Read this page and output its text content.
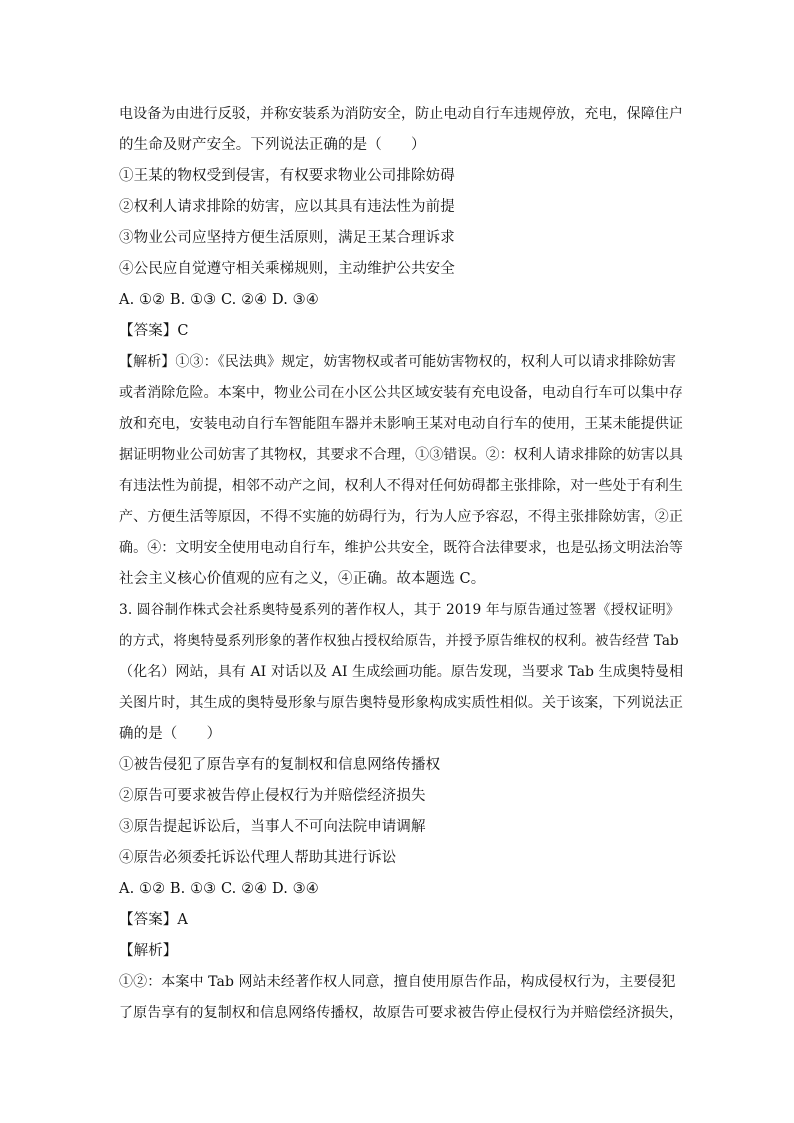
电设备为由进行反驳，并称安装系为消防安全，防止电动自行车违规停放，充电，保障住户
的生命及财产安全。下列说法正确的是（　　）
①王某的物权受到侵害，有权要求物业公司排除妨碍
②权利人请求排除的妨害，应以其具有违法性为前提
③物业公司应坚持方便生活原则，满足王某合理诉求
④公民应自觉遵守相关乘梯规则，主动维护公共安全
A. ①② B. ①③ C. ②④ D. ③④
【答案】C
【解析】①③：《民法典》规定，妨害物权或者可能妨害物权的，权利人可以请求排除妨害
或者消除危险。本案中，物业公司在小区公共区域安装有充电设备，电动自行车可以集中存
放和充电，安装电动自行车智能阻车器并未影响王某对电动自行车的使用，王某未能提供证
据证明物业公司妨害了其物权，其要求不合理，①③错误。②：权利人请求排除的妨害以具
有违法性为前提，相邻不动产之间，权利人不得对任何妨碍都主张排除，对一些处于有利生
产、方便生活等原因，不得不实施的妨碍行为，行为人应予容忍，不得主张排除妨害，②正
确。④：文明安全使用电动自行车，维护公共安全，既符合法律要求，也是弘扬文明法治等
社会主义核心价值观的应有之义，④正确。故本题选 C。
3. 圆谷制作株式会社系奥特曼系列的著作权人，其于 2019 年与原告通过签署《授权证明》
的方式，将奥特曼系列形象的著作权独占授权给原告，并授予原告维权的权利。被告经营 Tab
（化名）网站，具有 AI 对话以及 AI 生成绘画功能。原告发现，当要求 Tab 生成奥特曼相
关图片时，其生成的奥特曼形象与原告奥特曼形象构成实质性相似。关于该案，下列说法正
确的是（　　）
①被告侵犯了原告享有的复制权和信息网络传播权
②原告可要求被告停止侵权行为并赔偿经济损失
③原告提起诉讼后，当事人不可向法院申请调解
④原告必须委托诉讼代理人帮助其进行诉讼
A. ①② B. ①③ C. ②④ D. ③④
【答案】A
【解析】
①②：本案中 Tab 网站未经著作权人同意，擅自使用原告作品，构成侵权行为，主要侵犯
了原告享有的复制权和信息网络传播权，故原告可要求被告停止侵权行为并赔偿经济损失，
